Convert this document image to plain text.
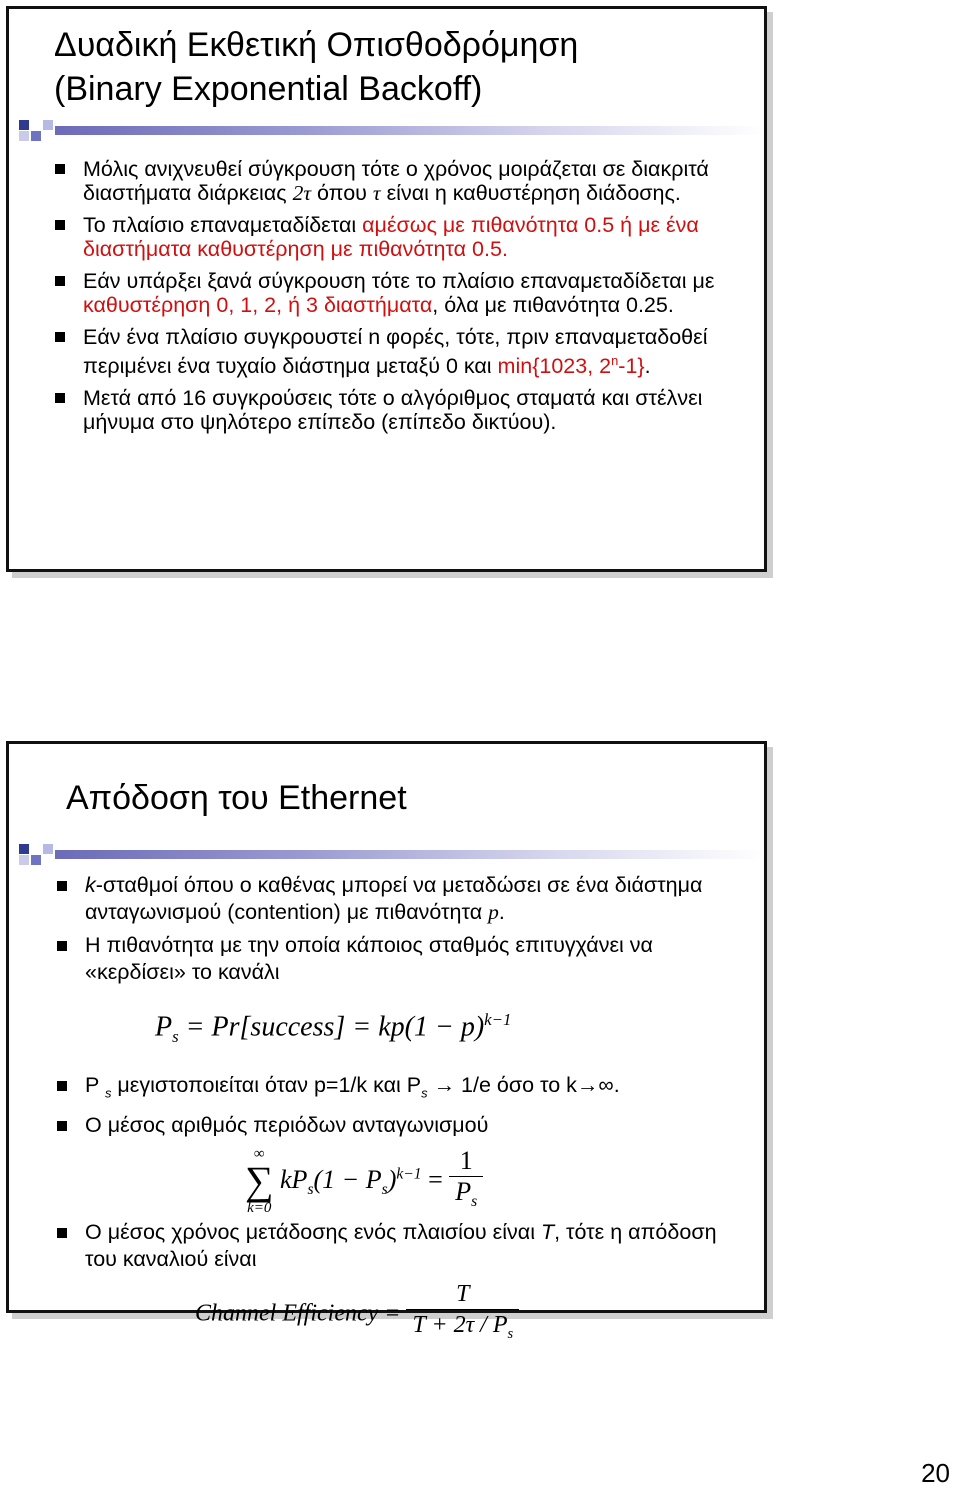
Δυαδική Εκθετική Οπισθοδρόμηση
(Binary Exponential Backoff)
Μόλις ανιχνευθεί σύγκρουση τότε ο χρόνος μοιράζεται σε διακριτά διαστήματα διάρκειας 2τ όπου τ είναι η καθυστέρηση διάδοσης.
Το πλαίσιο επαναμεταδίδεται αμέσως με πιθανότητα 0.5 ή με ένα διαστήματα καθυστέρηση με πιθανότητα 0.5.
Εάν υπάρξει ξανά σύγκρουση τότε το πλαίσιο επαναμεταδίδεται με καθυστέρηση 0, 1, 2, ή 3 διαστήματα, όλα με πιθανότητα 0.25.
Εάν ένα πλαίσιο συγκρουστεί n φορές, τότε, πριν επαναμεταδοθεί περιμένει ένα τυχαίο διάστημα μεταξύ 0 και min{1023, 2$^n$-1}.
Μετά από 16 συγκρούσεις τότε ο αλγόριθμος σταματά και στέλνει μήνυμα στο ψηλότερο επίπεδο (επίπεδο δικτύου).
Απόδοση του Ethernet
k-σταθμοί όπου ο καθένας μπορεί να μεταδώσει σε ένα διάστημα ανταγωνισμού (contention) με πιθανότητα p.
Η πιθανότητα με την οποία κάποιος σταθμός επιτυγχάνει να «κερδίσει» το κανάλι
$P_s$ = Pr[success] = $kp(1 - p)^{k-1}$
P $_s$ μεγιστοποιείται όταν p=1/k και $P_s \to 1/e$ όσο το k→∞.
Ο μέσος αριθμός περιόδων ανταγωνισμού
∞
∑
k=0
$kP_s(1 - P_s)^{k-1} = \frac{1}{P_s}$
Ο μέσος χρόνος μετάδοσης ενός πλαισίου είναι T, τότε η απόδοση του καναλιού είναι
Channel Efficiency = $\frac{T}{T + 2\tau / P_s}$
20
